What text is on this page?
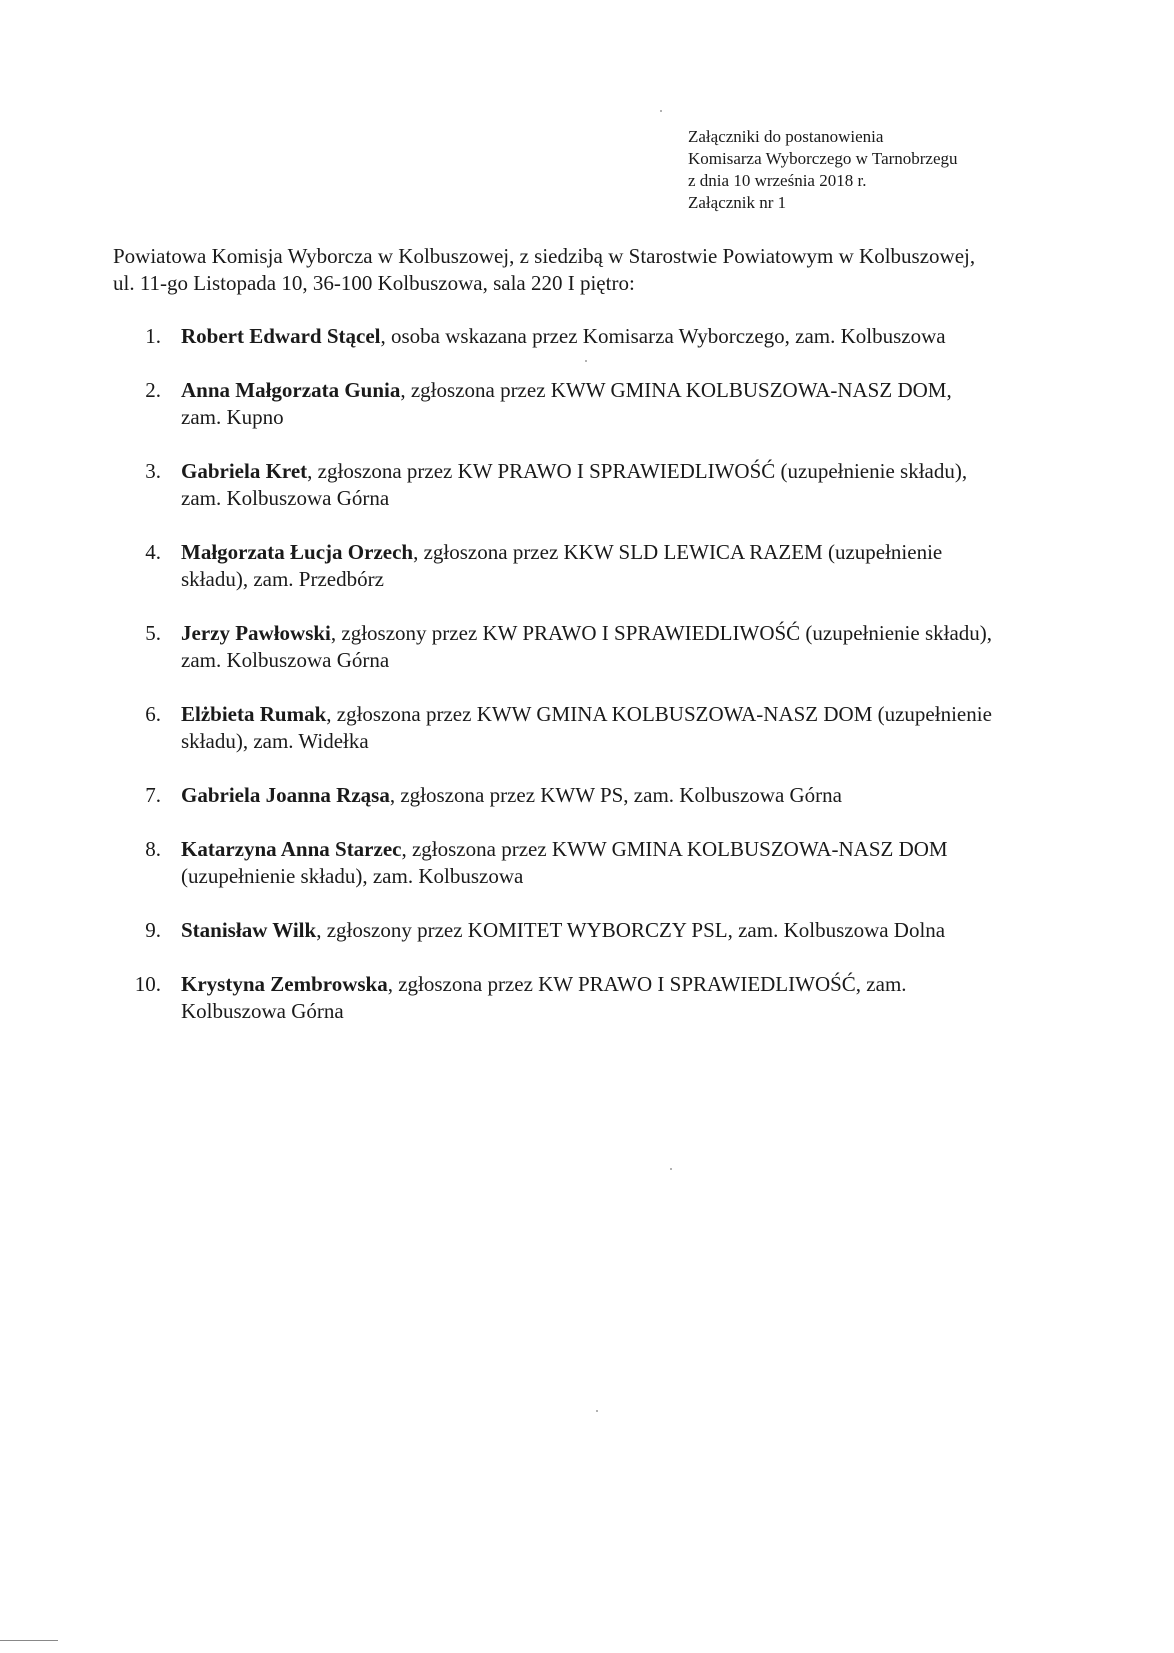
Załączniki do postanowienia
Komisarza Wyborczego w Tarnobrzegu
z dnia 10 września 2018 r.
Załącznik nr 1
Powiatowa Komisja Wyborcza w Kolbuszowej, z siedzibą w Starostwie Powiatowym w Kolbuszowej, ul. 11-go Listopada 10, 36-100 Kolbuszowa, sala 220 I piętro:
1. Robert Edward Stącel, osoba wskazana przez Komisarza Wyborczego, zam. Kolbuszowa
2. Anna Małgorzata Gunia, zgłoszona przez KWW GMINA KOLBUSZOWA-NASZ DOM, zam. Kupno
3. Gabriela Kret, zgłoszona przez KW PRAWO I SPRAWIEDLIWOŚĆ (uzupełnienie składu), zam. Kolbuszowa Górna
4. Małgorzata Łucja Orzech, zgłoszona przez KKW SLD LEWICA RAZEM (uzupełnienie składu), zam. Przedbórz
5. Jerzy Pawłowski, zgłoszony przez KW PRAWO I SPRAWIEDLIWOŚĆ (uzupełnienie składu), zam. Kolbuszowa Górna
6. Elżbieta Rumak, zgłoszona przez KWW GMINA KOLBUSZOWA-NASZ DOM (uzupełnienie składu), zam. Widełka
7. Gabriela Joanna Rząsa, zgłoszona przez KWW PS, zam. Kolbuszowa Górna
8. Katarzyna Anna Starzec, zgłoszona przez KWW GMINA KOLBUSZOWA-NASZ DOM (uzupełnienie składu), zam. Kolbuszowa
9. Stanisław Wilk, zgłoszony przez KOMITET WYBORCZY PSL, zam. Kolbuszowa Dolna
10. Krystyna Zembrowska, zgłoszona przez KW PRAWO I SPRAWIEDLIWOŚĆ, zam. Kolbuszowa Górna
